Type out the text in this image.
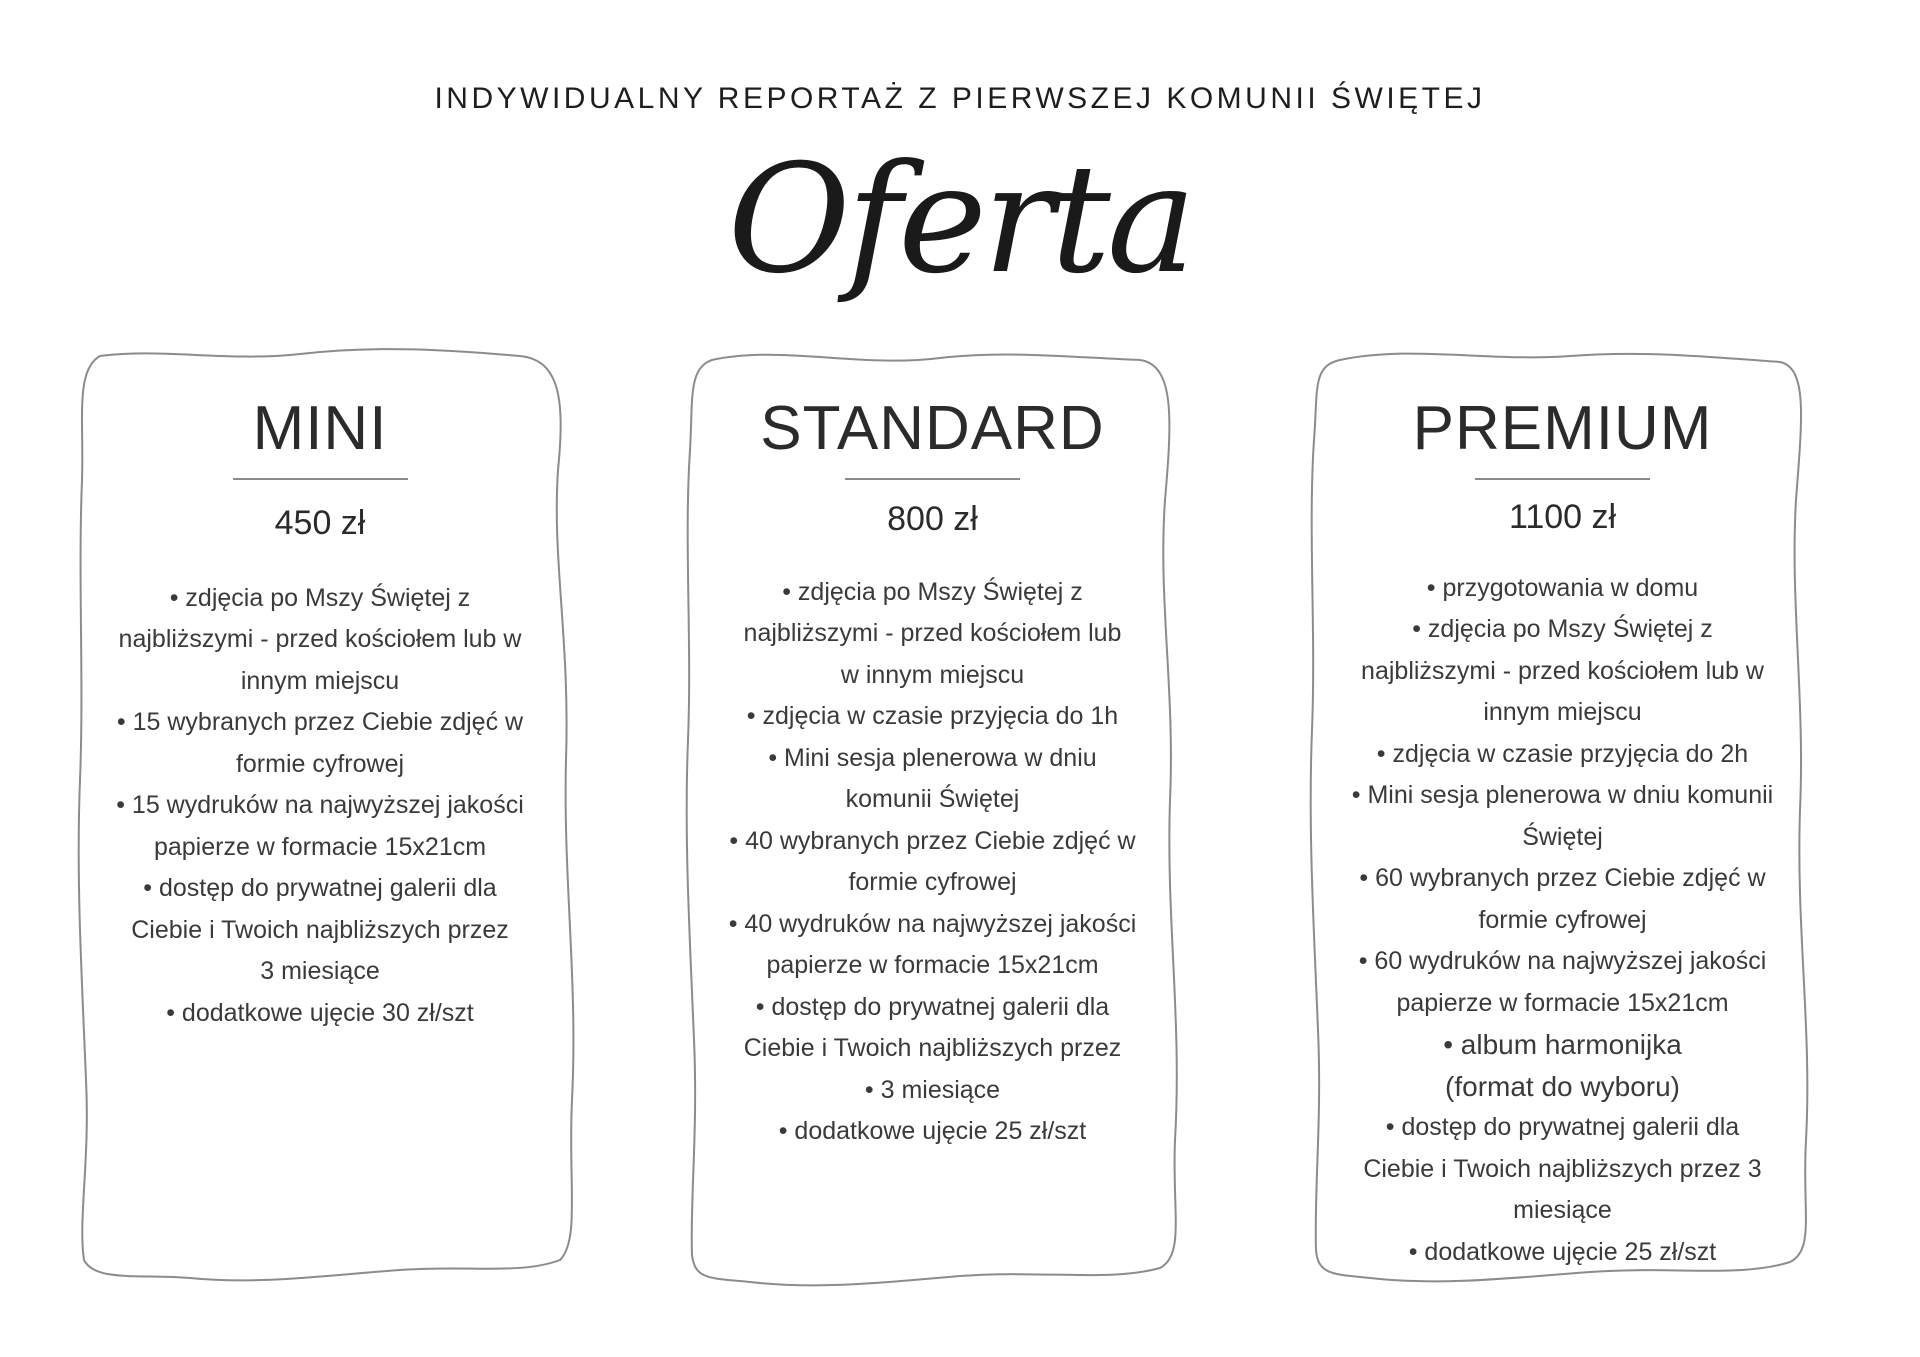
INDYWIDUALNY REPORTAŻ Z PIERWSZEJ KOMUNII ŚWIĘTEJ
Oferta
MINI
450 zł
• zdjęcia po Mszy Świętej z
najbliższymi - przed kościołem lub w
innym miejscu
• 15 wybranych przez Ciebie zdjęć w
formie cyfrowej
• 15 wydruków na najwyższej jakości
papierze w formacie 15x21cm
• dostęp do prywatnej galerii dla
Ciebie i Twoich najbliższych przez
3 miesiące
• dodatkowe ujęcie 30 zł/szt
STANDARD
800 zł
• zdjęcia po Mszy Świętej z
najbliższymi - przed kościołem lub
w innym miejscu
• zdjęcia w czasie przyjęcia do 1h
• Mini sesja plenerowa w dniu
komunii Świętej
• 40 wybranych przez Ciebie zdjęć w
formie cyfrowej
• 40 wydruków na najwyższej jakości
papierze w formacie 15x21cm
• dostęp do prywatnej galerii dla
Ciebie i Twoich najbliższych przez
• 3 miesiące
• dodatkowe ujęcie 25 zł/szt
PREMIUM
1100 zł
• przygotowania w domu
• zdjęcia po Mszy Świętej z
najbliższymi - przed kościołem lub w
innym miejscu
• zdjęcia w czasie przyjęcia do 2h
• Mini sesja plenerowa w dniu komunii
Świętej
• 60 wybranych przez Ciebie zdjęć w
formie cyfrowej
• 60 wydruków na najwyższej jakości
papierze w formacie 15x21cm
• album harmonijka
(format do wyboru)
• dostęp do prywatnej galerii dla
Ciebie i Twoich najbliższych przez 3
miesiące
• dodatkowe ujęcie 25 zł/szt
